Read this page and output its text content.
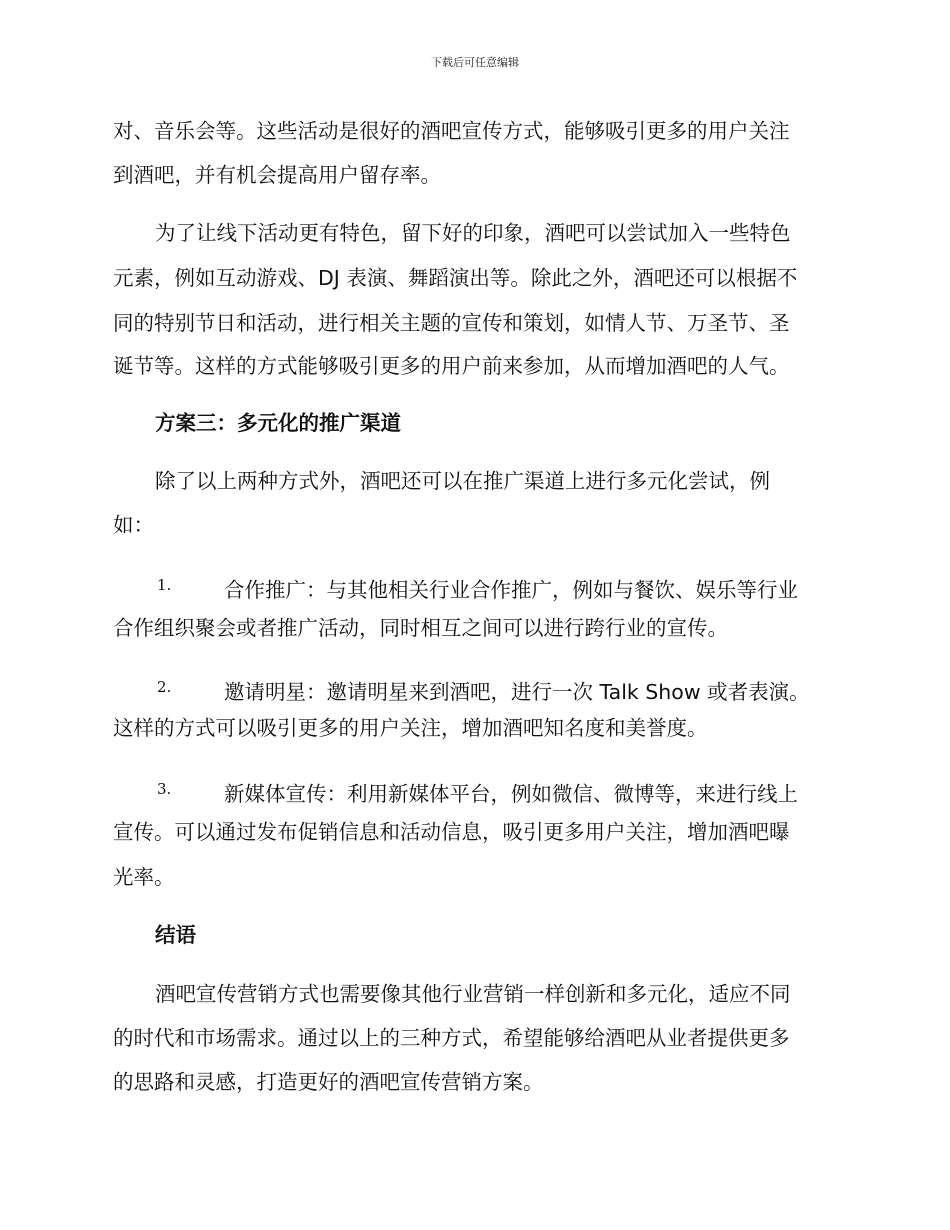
下载后可任意编辑
对、音乐会等。这些活动是很好的酒吧宣传方式，能够吸引更多的用户关注
到酒吧，并有机会提高用户留存率。
为了让线下活动更有特色，留下好的印象，酒吧可以尝试加入一些特色
元素，例如互动游戏、DJ 表演、舞蹈演出等。除此之外，酒吧还可以根据不
同的特别节日和活动，进行相关主题的宣传和策划，如情人节、万圣节、圣
诞节等。这样的方式能够吸引更多的用户前来参加，从而增加酒吧的人气。
方案三：多元化的推广渠道
除了以上两种方式外，酒吧还可以在推广渠道上进行多元化尝试，例
如：
1.	合作推广：与其他相关行业合作推广，例如与餐饮、娱乐等行业
合作组织聚会或者推广活动，同时相互之间可以进行跨行业的宣传。
2.	邀请明星：邀请明星来到酒吧，进行一次 Talk Show 或者表演。
这样的方式可以吸引更多的用户关注，增加酒吧知名度和美誉度。
3.	新媒体宣传：利用新媒体平台，例如微信、微博等，来进行线上
宣传。可以通过发布促销信息和活动信息，吸引更多用户关注，增加酒吧曝
光率。
结语
酒吧宣传营销方式也需要像其他行业营销一样创新和多元化，适应不同
的时代和市场需求。通过以上的三种方式，希望能够给酒吧从业者提供更多
的思路和灵感，打造更好的酒吧宣传营销方案。
